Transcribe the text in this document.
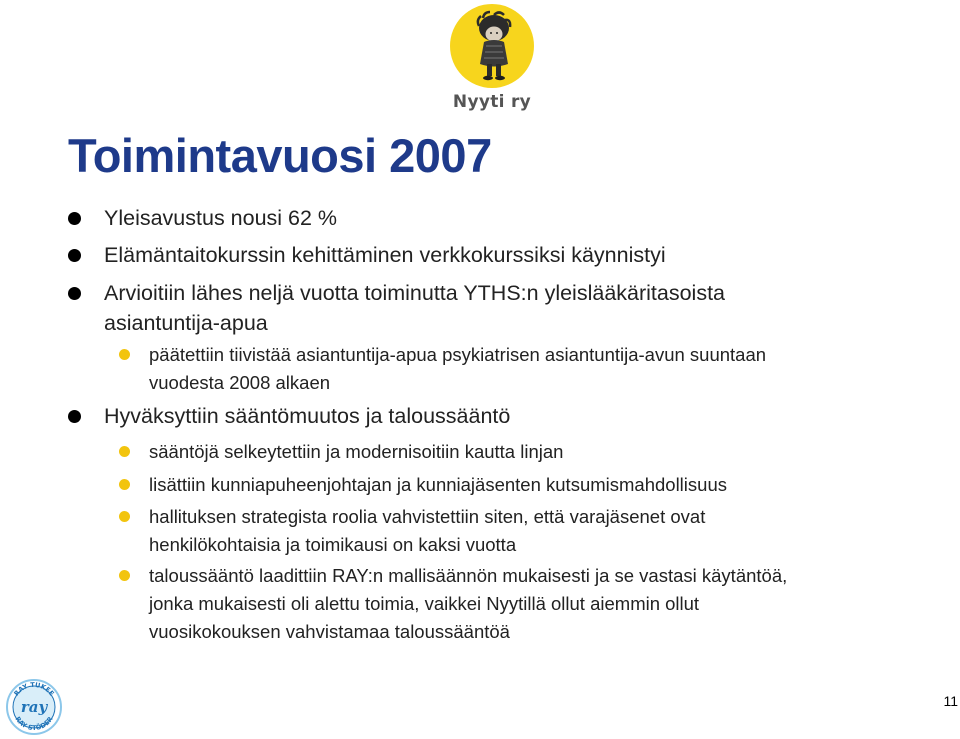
Nyyti ry
Toimintavuosi 2007
Yleisavustus nousi 62 %
Elämäntaitokurssin kehittäminen verkkokurssiksi käynnistyi
Arvioitiin lähes neljä vuotta toiminutta YTHS:n yleislääkäritasoista
asiantuntija-apua
päätettiin tiivistää asiantuntija-apua psykiatrisen asiantuntija-avun suuntaan
vuodesta 2008 alkaen
Hyväksyttiin sääntömuutos ja taloussääntö
sääntöjä selkeytettiin ja modernisoitiin kautta linjan
lisättiin kunniapuheenjohtajan ja kunniajäsenten kutsumismahdollisuus
hallituksen strategista roolia vahvistettiin siten, että varajäsenet ovat
henkilökohtaisia ja toimikausi on kaksi vuotta
taloussääntö laadittiin RAY:n mallisäännön mukaisesti ja se vastasi käytäntöä,
jonka mukaisesti oli alettu toimia, vaikkei Nyytillä ollut aiemmin ollut
vuosikokouksen vahvistamaa taloussääntöä
RAY TUKEE
RAY STÖDER
ray	11
